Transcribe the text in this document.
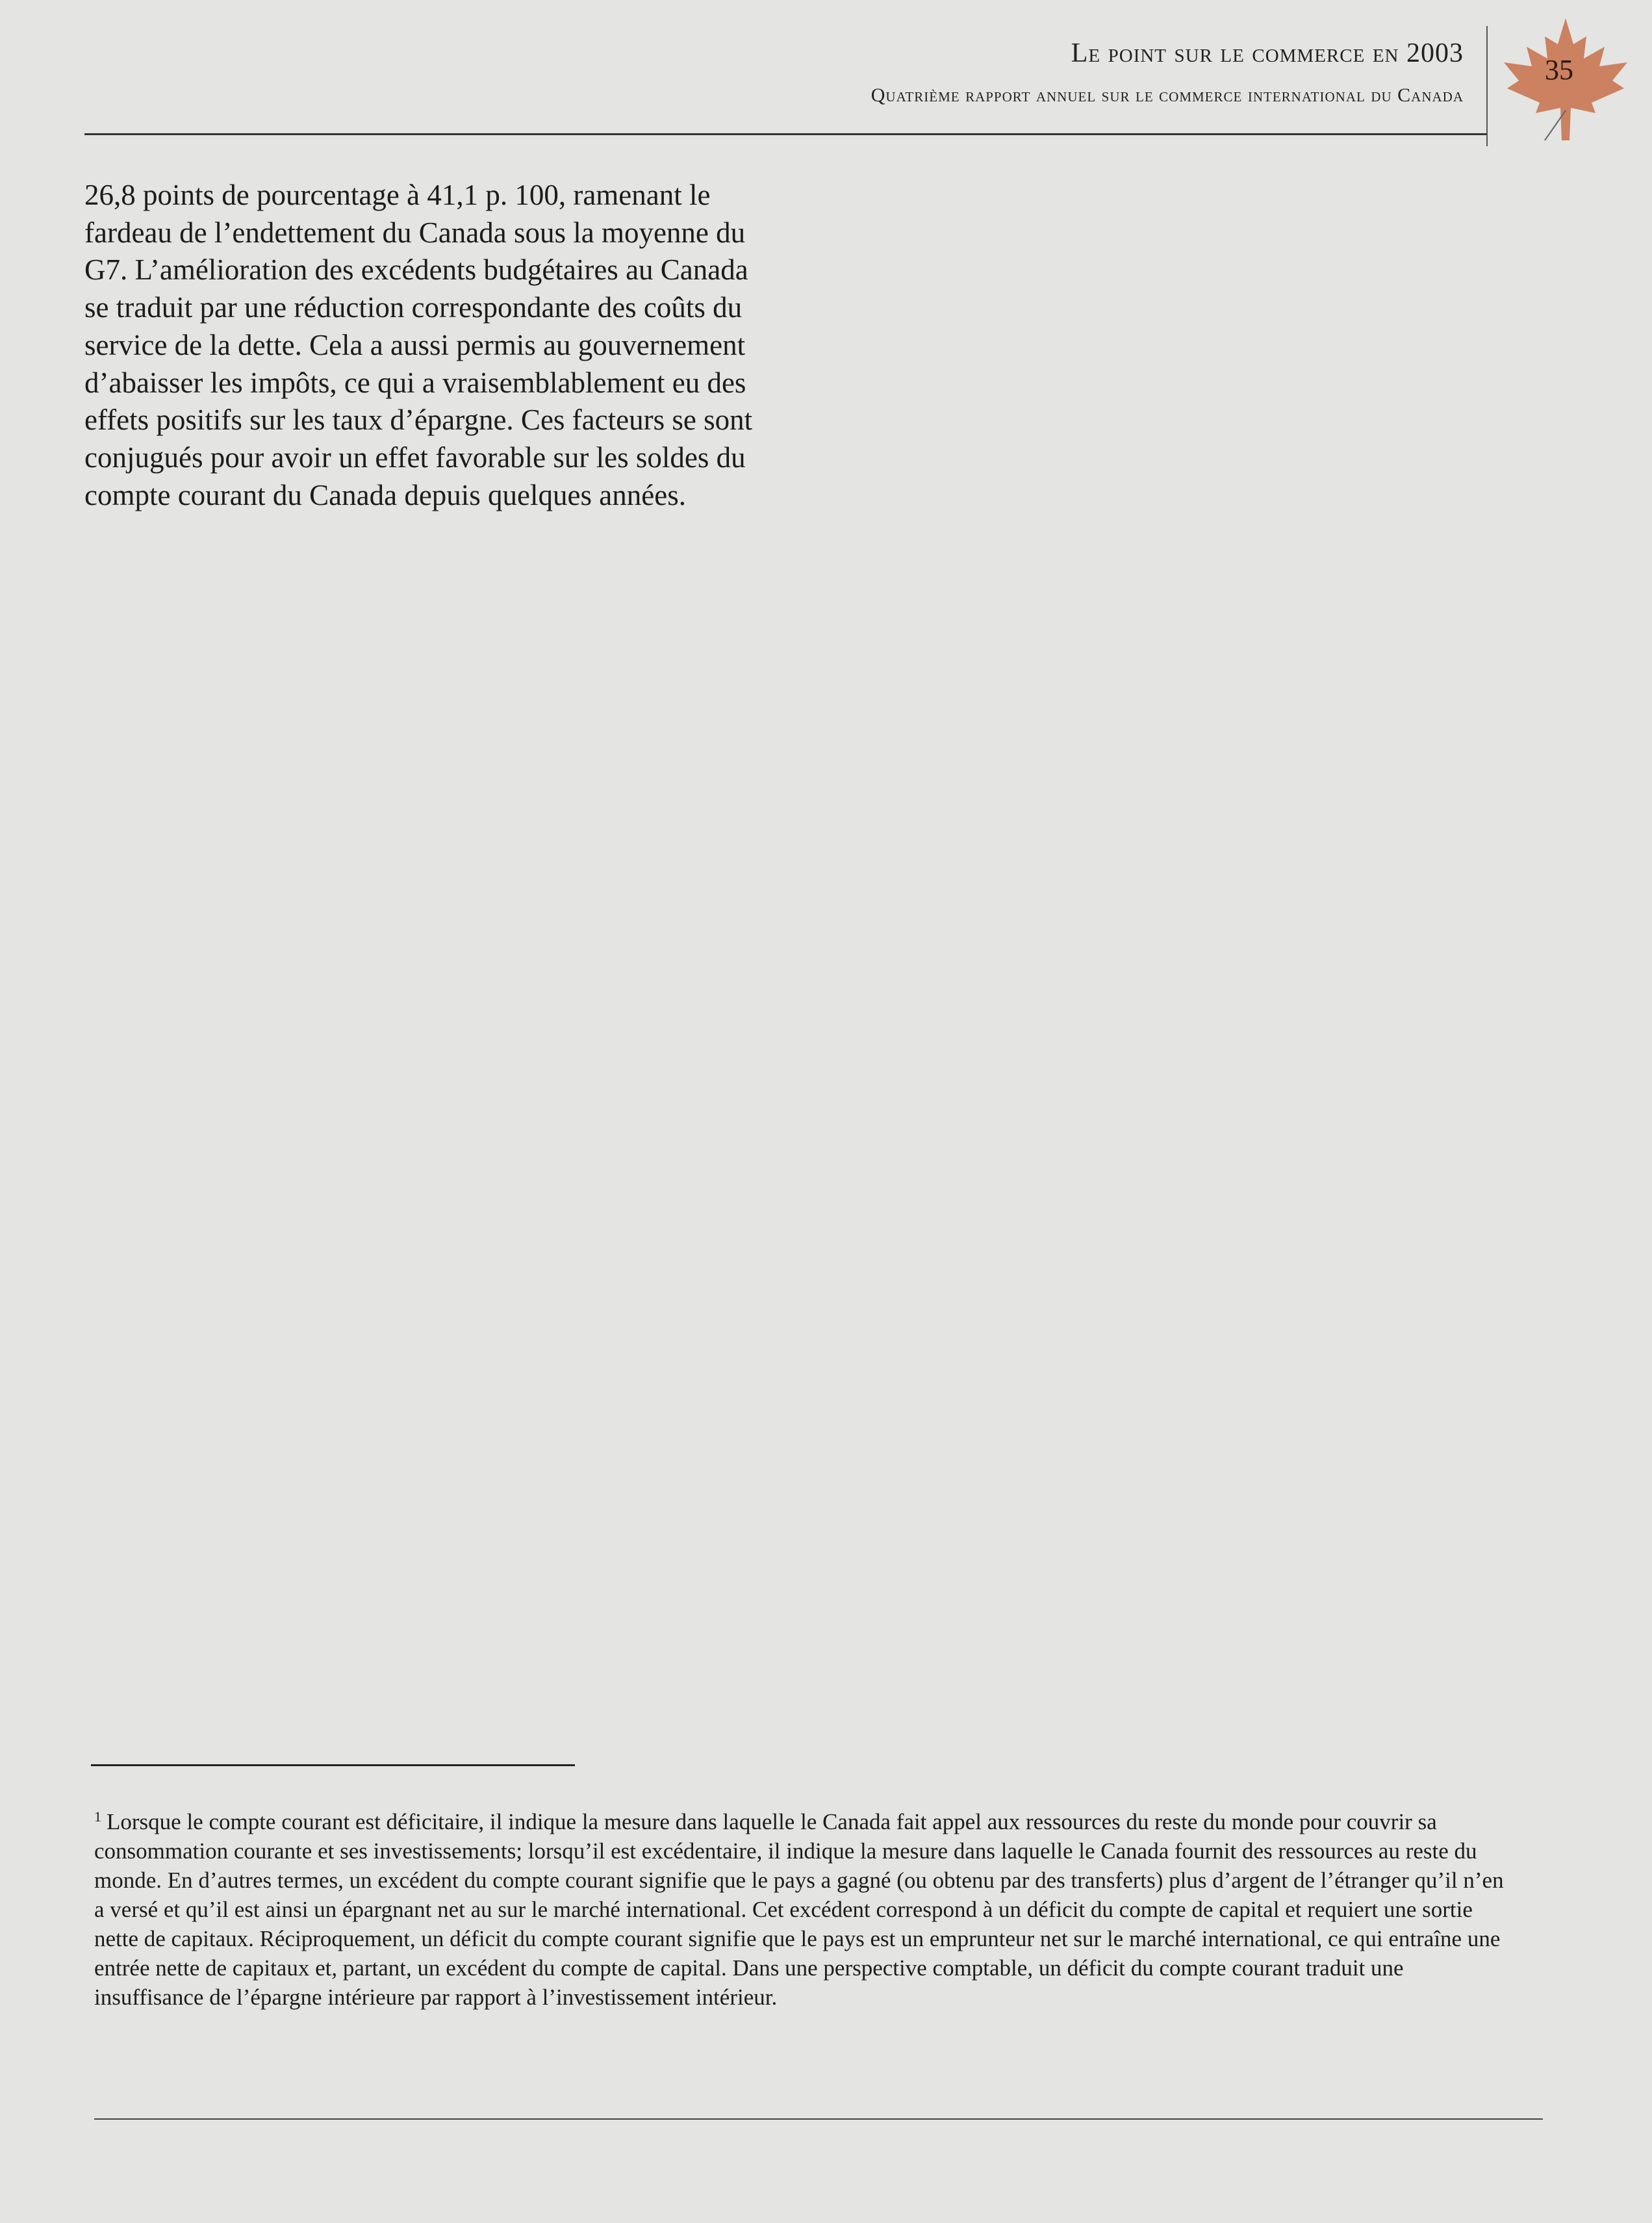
Le point sur le commerce en 2003
Quatrième rapport annuel sur le commerce international du Canada
35

26,8 points de pourcentage à 41,1 p. 100, ramenant le fardeau de l’endettement du Canada sous la moyenne du G7. L’amélioration des excédents budgétaires au Canada se traduit par une réduction correspondante des coûts du service de la dette. Cela a aussi permis au gouvernement d’abaisser les impôts, ce qui a vraisemblablement eu des effets positifs sur les taux d’épargne. Ces facteurs se sont conjugués pour avoir un effet favorable sur les soldes du compte courant du Canada depuis quelques années.

$^1$ Lorsque le compte courant est déficitaire, il indique la mesure dans laquelle le Canada fait appel aux ressources du reste du monde pour couvrir sa consommation courante et ses investissements; lorsqu’il est excédentaire, il indique la mesure dans laquelle le Canada fournit des ressources au reste du monde. En d’autres termes, un excédent du compte courant signifie que le pays a gagné (ou obtenu par des transferts) plus d’argent de l’étranger qu’il n’en a versé et qu’il est ainsi un épargnant net au sur le marché international. Cet excédent correspond à un déficit du compte de capital et requiert une sortie nette de capitaux. Réciproquement, un déficit du compte courant signifie que le pays est un emprunteur net sur le marché international, ce qui entraîne une entrée nette de capitaux et, partant, un excédent du compte de capital. Dans une perspective comptable, un déficit du compte courant traduit une insuffisance de l’épargne intérieure par rapport à l’investissement intérieur.
